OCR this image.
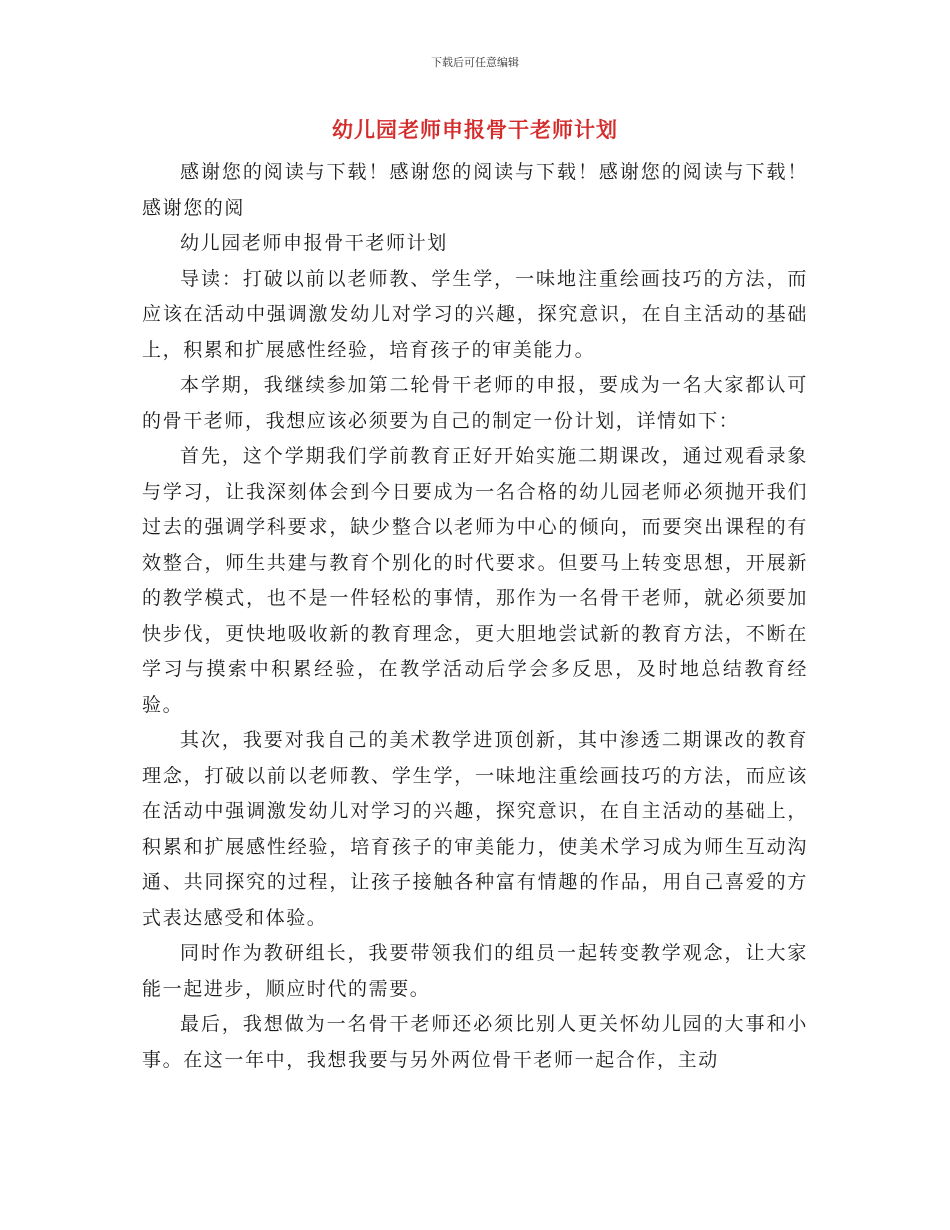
下载后可任意编辑
幼儿园老师申报骨干老师计划

感谢您的阅读与下载！感谢您的阅读与下载！感谢您的阅读与下载！感谢您的阅

幼儿园老师申报骨干老师计划

导读：打破以前以老师教、学生学，一味地注重绘画技巧的方法，而应该在活动中强调激发幼儿对学习的兴趣，探究意识，在自主活动的基础上，积累和扩展感性经验，培育孩子的审美能力。

本学期，我继续参加第二轮骨干老师的申报，要成为一名大家都认可的骨干老师，我想应该必须要为自己的制定一份计划，详情如下：

首先，这个学期我们学前教育正好开始实施二期课改，通过观看录象与学习，让我深刻体会到今日要成为一名合格的幼儿园老师必须抛开我们过去的强调学科要求，缺少整合以老师为中心的倾向，而要突出课程的有效整合，师生共建与教育个别化的时代要求。但要马上转变思想，开展新的教学模式，也不是一件轻松的事情，那作为一名骨干老师，就必须要加快步伐，更快地吸收新的教育理念，更大胆地尝试新的教育方法，不断在学习与摸索中积累经验，在教学活动后学会多反思，及时地总结教育经验。

其次，我要对我自己的美术教学进顶创新，其中渗透二期课改的教育理念，打破以前以老师教、学生学，一味地注重绘画技巧的方法，而应该在活动中强调激发幼儿对学习的兴趣，探究意识，在自主活动的基础上，积累和扩展感性经验，培育孩子的审美能力，使美术学习成为师生互动沟通、共同探究的过程，让孩子接触各种富有情趣的作品，用自己喜爱的方式表达感受和体验。

同时作为教研组长，我要带领我们的组员一起转变教学观念，让大家能一起进步，顺应时代的需要。

最后，我想做为一名骨干老师还必须比别人更关怀幼儿园的大事和小事。在这一年中，我想我要与另外两位骨干老师一起合作，主动
